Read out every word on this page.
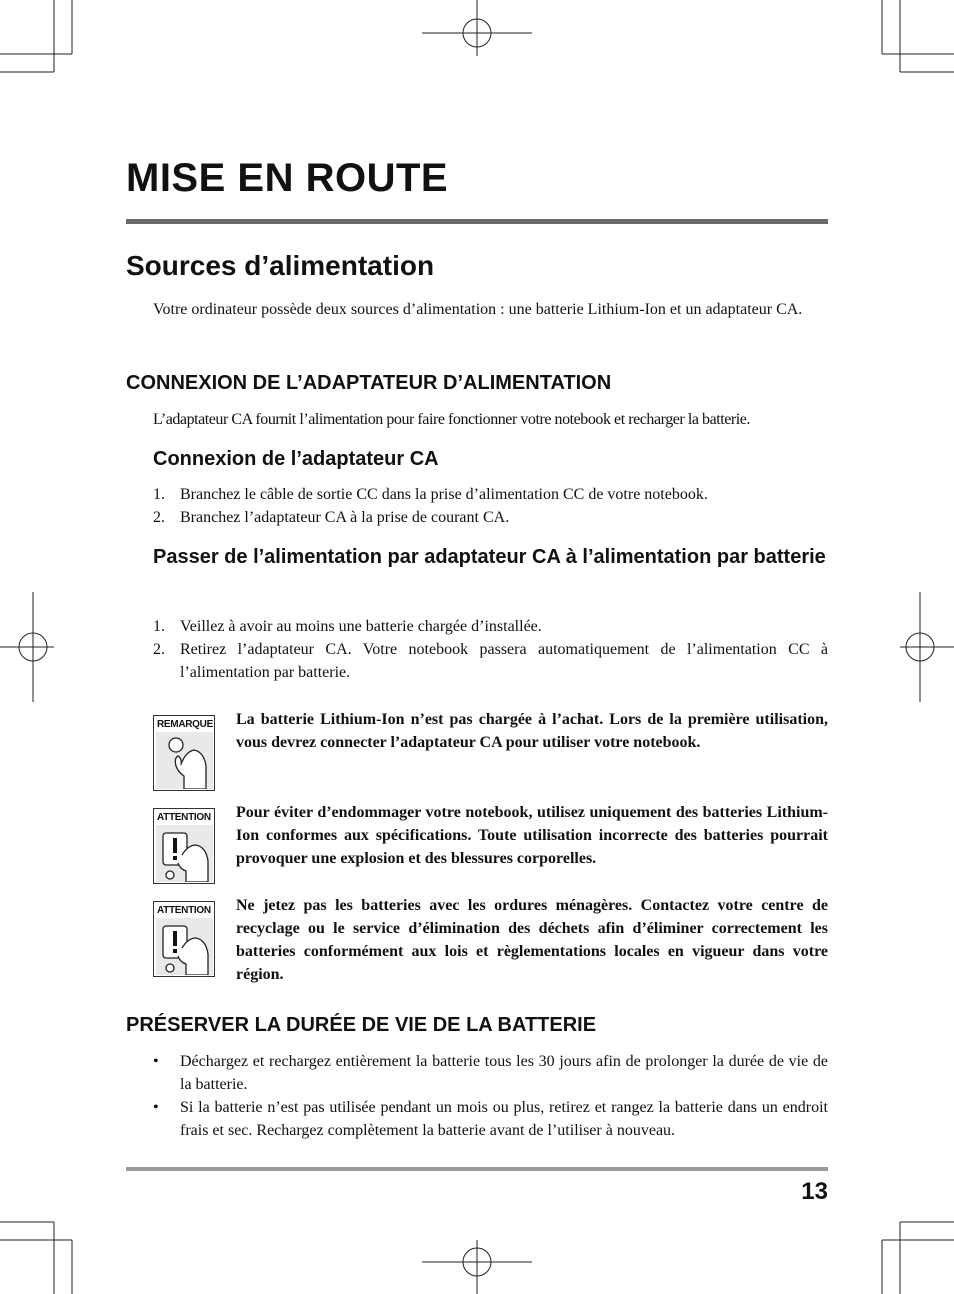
MISE EN ROUTE
Sources d’alimentation
Votre ordinateur possède deux sources d’alimentation : une batterie Lithium-Ion et un adaptateur CA.
CONNEXION DE L’ADAPTATEUR D’ALIMENTATION
L’adaptateur CA fournit l’alimentation pour faire fonctionner votre notebook et recharger la batterie.
Connexion de l’adaptateur CA
1. Branchez le câble de sortie CC dans la prise d’alimentation CC de votre notebook.
2. Branchez l’adaptateur CA à la prise de courant CA.
Passer de l’alimentation par adaptateur CA à l’alimentation par batterie
1. Veillez à avoir au moins une batterie chargée d’installée.
2. Retirez l’adaptateur CA. Votre notebook passera automatiquement de l’alimentation CC à l’alimentation par batterie.
REMARQUE La batterie Lithium-Ion n’est pas chargée à l’achat. Lors de la première utilisation, vous devrez connecter l’adaptateur CA pour utiliser votre notebook.
ATTENTION Pour éviter d’endommager votre notebook, utilisez uniquement des batteries Lithium-Ion conformes aux spécifications. Toute utilisation incorrecte des batteries pourrait provoquer une explosion et des blessures corporelles.
ATTENTION Ne jetez pas les batteries avec les ordures ménagères. Contactez votre centre de recyclage ou le service d’élimination des déchets afin d’éliminer correctement les batteries conformément aux lois et règlementations locales en vigueur dans votre région.
PRÉSERVER LA DURÉE DE VIE DE LA BATTERIE
• Déchargez et rechargez entièrement la batterie tous les 30 jours afin de prolonger la durée de vie de la batterie.
• Si la batterie n’est pas utilisée pendant un mois ou plus, retirez et rangez la batterie dans un endroit frais et sec. Rechargez complètement la batterie avant de l’utiliser à nouveau.
13
